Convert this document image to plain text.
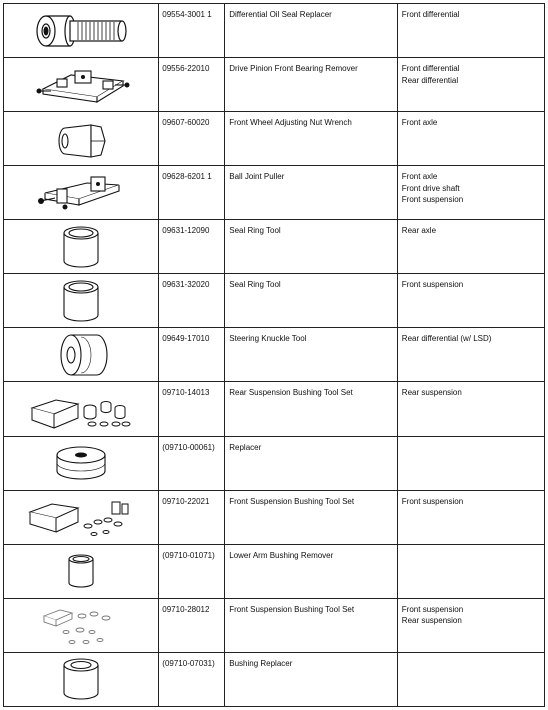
09554-3001 1	Differential Oil Seal Replacer	Front differential

09556-22010	Drive Pinion Front Bearing Remover	Front differential
Rear differential

09607-60020	Front Wheel Adjusting Nut Wrench	Front axle

09628-6201 1	Ball Joint Puller	Front axle
Front drive shaft
Front suspension

09631-12090	Seal Ring Tool	Rear axle

09631-32020	Seal Ring Tool	Front suspension

09649-17010	Steering Knuckle Tool	Rear differential (w/ LSD)

09710-14013	Rear Suspension Bushing Tool Set	Rear suspension

(09710-00061)	Replacer	

09710-22021	Front Suspension Bushing Tool Set	Front suspension

(09710-01071)	Lower Arm Bushing Remover	

09710-28012	Front Suspension Bushing Tool Set	Front suspension
Rear suspension

(09710-07031)	Bushing Replacer	
